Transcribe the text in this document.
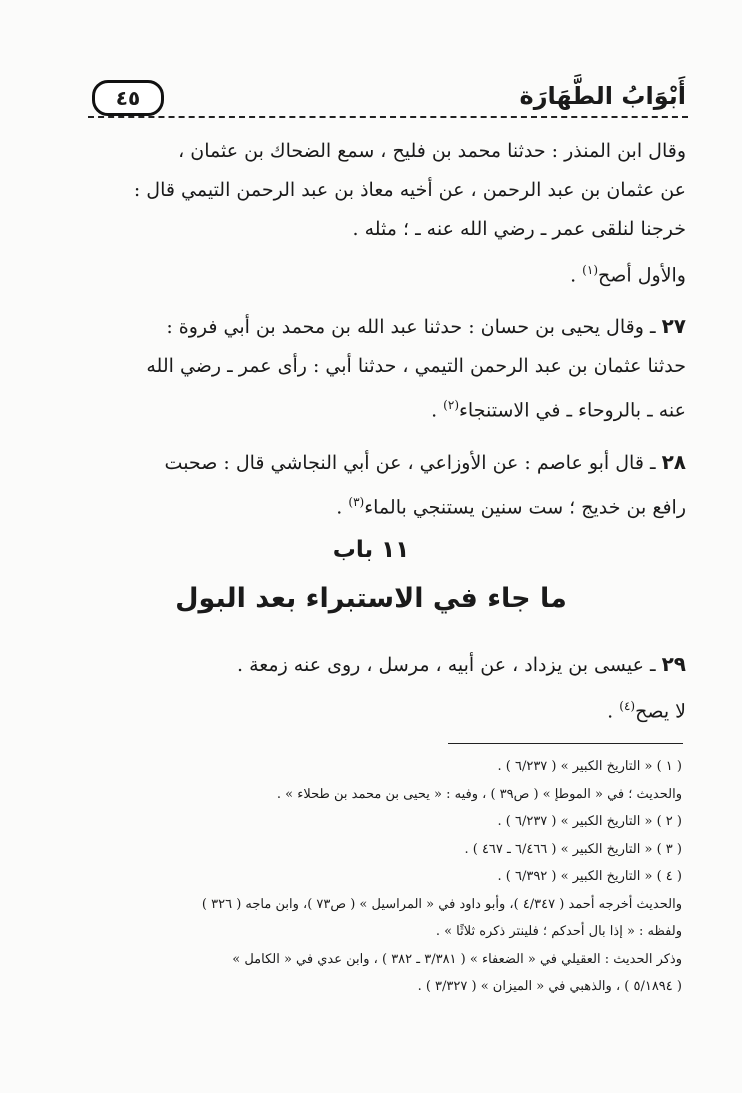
أَبْوَابُ الطَّهَارَة
٤٥

وقال ابن المنذر : حدثنا محمد بن فليح ، سمع الضحاك بن عثمان ،
عن عثمان بن عبد الرحمن ، عن أخيه معاذ بن عبد الرحمن التيمي قال :
خرجنا لنلقى عمر ـ رضي الله عنه ـ ؛ مثله .

والأول أصح$^{(١)}$ .

٢٧ ـ وقال يحيى بن حسان : حدثنا عبد الله بن محمد بن أبي فروة :
حدثنا عثمان بن عبد الرحمن التيمي ، حدثنا أبي : رأى عمر ـ رضي الله
عنه ـ بالروحاء ـ في الاستنجاء$^{(٢)}$ .

٢٨ ـ قال أبو عاصم : عن الأوزاعي ، عن أبي النجاشي قال : صحبت
رافع بن خديج ؛ ست سنين يستنجي بالماء$^{(٣)}$ .

١١ باب
ما جاء في الاستبراء بعد البول

٢٩ ـ عيسى بن يزداد ، عن أبيه ، مرسل ، روى عنه زمعة .

لا يصح$^{(٤)}$ .

( ١ ) « التاريخ الكبير » ( ٦/٢٣٧ ) .

والحديث ؛ في « الموطإ » ( ص٣٩ ) ، وفيه : « يحيى بن محمد بن طحلاء » .

( ٢ ) « التاريخ الكبير » ( ٦/٢٣٧ ) .

( ٣ ) « التاريخ الكبير » ( ٦/٤٦٦ ـ ٤٦٧ ) .

( ٤ ) « التاريخ الكبير » ( ٦/٣٩٢ ) .

والحديث أخرجه أحمد ( ٤/٣٤٧ )، وأبو داود في « المراسيل » ( ص٧٣ )، وابن ماجه ( ٣٢٦ )

ولفظه : « إذا بال أحدكم ؛ فلينتر ذكره ثلاثًا » .

وذكر الحديث : العقيلي في « الضعفاء » ( ٣/٣٨١ ـ ٣٨٢ ) ، وابن عدي في « الكامل »

( ٥/١٨٩٤ ) ، والذهبي في « الميزان » ( ٣/٣٢٧ ) .
